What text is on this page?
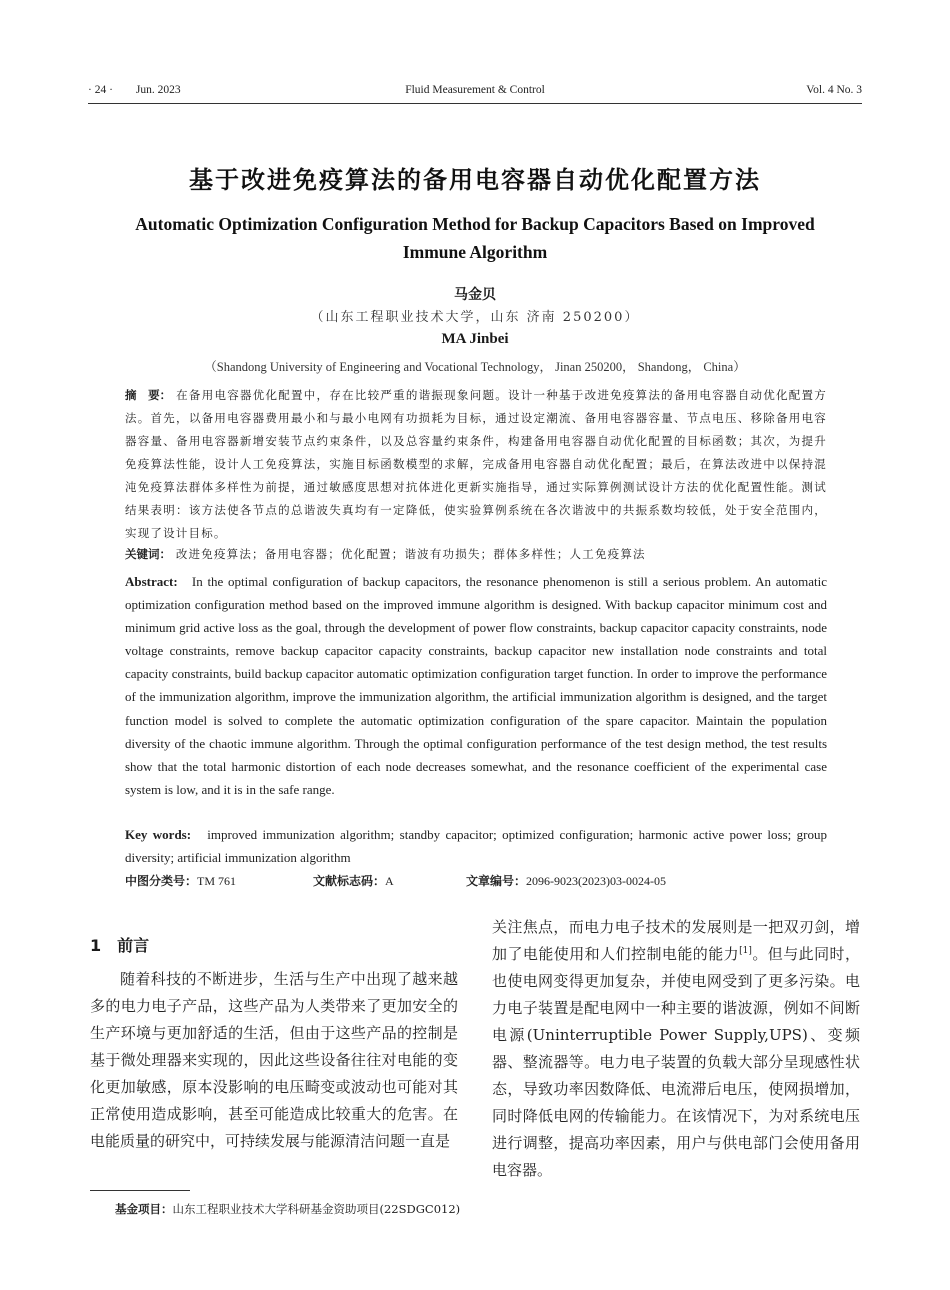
· 24 · Jun. 2023	Fluid Measurement & Control	Vol. 4 No. 3
基于改进免疫算法的备用电容器自动优化配置方法
Automatic Optimization Configuration Method for Backup Capacitors Based on Improved Immune Algorithm
马金贝
（山东工程职业技术大学，山东 济南 250200）
MA Jinbei
（Shandong University of Engineering and Vocational Technology， Jinan 250200， Shandong， China）
摘　要： 在备用电容器优化配置中，存在比较严重的谐振现象问题。设计一种基于改进免疫算法的备用电容器自动优化配置方法。首先，以备用电容器费用最小和与最小电网有功损耗为目标，通过设定潮流、备用电容器容量、节点电压、移除备用电容器容量、备用电容器新增安装节点约束条件，以及总容量约束条件，构建备用电容器自动优化配置的目标函数；其次，为提升免疫算法性能，设计人工免疫算法，实施目标函数模型的求解，完成备用电容器自动优化配置；最后，在算法改进中以保持混沌免疫算法群体多样性为前提，通过敏感度思想对抗体进化更新实施指导，通过实际算例测试设计方法的优化配置性能。测试结果表明：该方法使各节点的总谐波失真均有一定降低，使实验算例系统在各次谐波中的共振系数均较低，处于安全范围内，实现了设计目标。
关键词： 改进免疫算法；备用电容器；优化配置；谐波有功损失；群体多样性；人工免疫算法
Abstract: In the optimal configuration of backup capacitors, the resonance phenomenon is still a serious problem. An automatic optimization configuration method based on the improved immune algorithm is designed. With backup capacitor minimum cost and minimum grid active loss as the goal, through the development of power flow constraints, backup capacitor capacity constraints, node voltage constraints, remove backup capacitor capacity constraints, backup capacitor new installation node constraints and total capacity constraints, build backup capacitor automatic optimization configuration target function. In order to improve the performance of the immunization algorithm, improve the immunization algorithm, the artificial immunization algorithm is designed, and the target function model is solved to complete the automatic optimization configuration of the spare capacitor. Maintain the population diversity of the chaotic immune algorithm. Through the optimal configuration performance of the test design method, the test results show that the total harmonic distortion of each node decreases somewhat, and the resonance coefficient of the experimental case system is low, and it is in the safe range.
Key words: improved immunization algorithm; standby capacitor; optimized configuration; harmonic active power loss; group diversity; artificial immunization algorithm
中图分类号：TM 761	文献标志码：A	文章编号：2096-9023(2023)03-0024-05
1　前言
随着科技的不断进步，生活与生产中出现了越来越多的电力电子产品，这些产品为人类带来了更加安全的生产环境与更加舒适的生活，但由于这些产品的控制是基于微处理器来实现的，因此这些设备往往对电能的变化更加敏感，原本没影响的电压畸变或波动也可能对其正常使用造成影响，甚至可能造成比较重大的危害。在电能质量的研究中，可持续发展与能源清洁问题一直是
关注焦点，而电力电子技术的发展则是一把双刃剑，增加了电能使用和人们控制电能的能力[1]。但与此同时，也使电网变得更加复杂，并使电网受到了更多污染。电力电子装置是配电网中一种主要的谐波源，例如不间断电源(Uninterruptible Power Supply,UPS)、变频器、整流器等。电力电子装置的负载大部分呈现感性状态，导致功率因数降低、电流滞后电压，使网损增加，同时降低电网的传输能力。在该情况下，为对系统电压进行调整，提高功率因素，用户与供电部门会使用备用电容器。
基金项目：山东工程职业技术大学科研基金资助项目(22SDGC012)
